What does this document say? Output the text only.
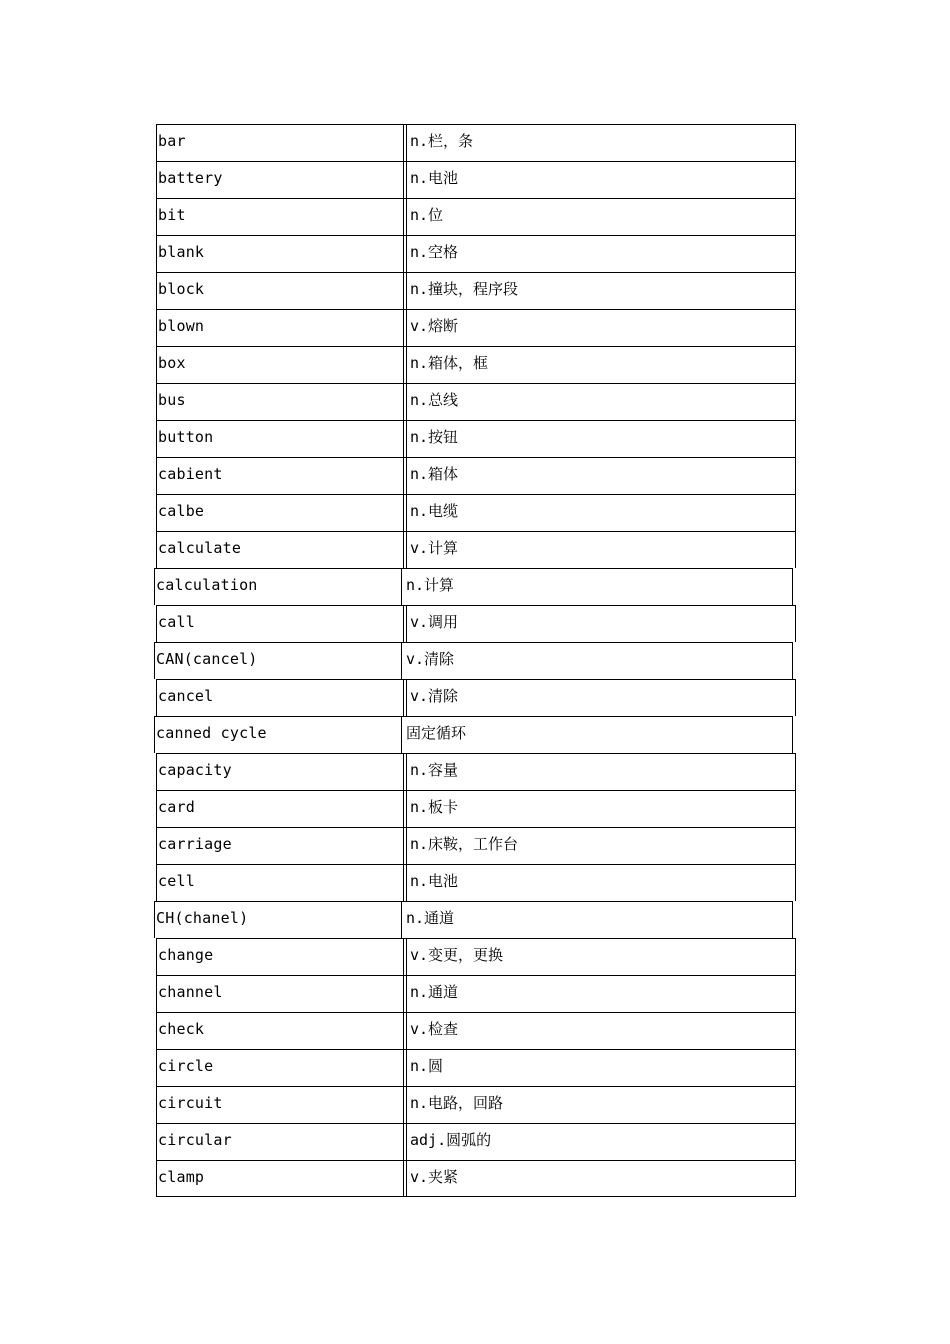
bar	n.栏，条
battery	n.电池
bit	n.位
blank	n.空格
block	n.撞块，程序段
blown	v.熔断
box	n.箱体，框
bus	n.总线
button	n.按钮
cabient	n.箱体
calbe	n.电缆
calculate	v.计算
calculation	n.计算
call	v.调用
CAN(cancel)	v.清除
cancel	v.清除
canned cycle	固定循环
capacity	n.容量
card	n.板卡
carriage	n.床鞍，工作台
cell	n.电池
CH(chanel)	n.通道
change	v.变更，更换
channel	n.通道
check	v.检查
circle	n.圆
circuit	n.电路，回路
circular	adj.圆弧的
clamp	v.夹紧
